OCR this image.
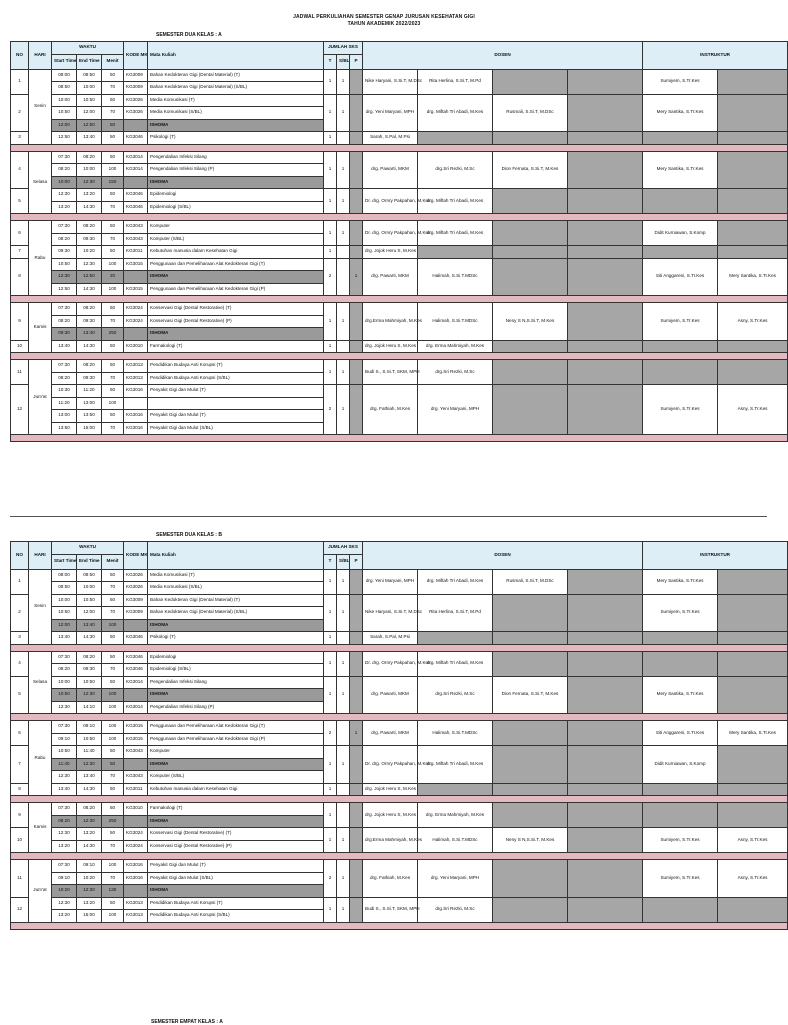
JADWAL PERKULIAHAN SEMESTER GENAP JURUSAN KESEHATAN GIGI
TAHUN AKADEMIK 2022/2023
SEMESTER DUA KELAS : A
NO	HARI	WAKTU			KODE MK	Mata Kuliah	JUMLAH SKS			DOSEN				INSTRUKTUR	
		Start Time	End Time	Menit			T	S/BL	P						
1	Senin	08:00	08:50	50	KG3009	Bahan Kedokteran Gigi (Dental Material) (T)	1	1		Nike Haryani, S.Si.T, M.DSc	Rita Herlina, S.Si.T, M.Pd			Sumiyem, S.Tr.Kes	
		08:50	10:00	70	KG3009	Bahan Kedokteran Gigi (Dental Material) (S/BL)									
2		10:00	10:50	50	KG3026	Media Komunikasi (T)	1	1		drg. Yeni Maryani, MPH	drg. Miftah Tri Abadi, M.Kes	Rusmali, S.Si.T, M.DSc		Mery Santika, S.Tr.Kes	
		10:50	12:00	70	KG3026	Media Komunikasi (S/BL)									
		12:00	12:50	50		ISHOMA									
3		12:50	13:40	50	KG3046	Psikologi (T)	1			Sarah, S.Pal, M.Psi					

4	Selasa	07:30	08:20	50	KG3014	Pengendalian Infeksi Silang	1	1		drg. Pawarti, MKM	drg.Sri Rezki, M.Sc	Dion Fernata, S.Si.T, M.Kes		Mery Santika, S.Tr.Kes	
		08:20	10:00	100	KG3014	Pengendalian Infeksi Silang (P)									
		10:00	12:30	150		ISHOMA									
5		12:30	13:20	50	KG3046	Epidemiologi	1	1		Dr. drg. Ornry Pakpahan, M.Kes	drg. Miftah Tri Abadi, M.Kes				
		13:20	14:30	70	KG3046	Epidemiologi (S/BL)									

6	Rabu	07:30	08:20	50	KG3043	Komputer	1	1		Dr. drg. Ornry Pakpahan, M.Kes	drg. Miftah Tri Abadi, M.Kes			Didit Kurniawan, S.Komp	
		08:20	09:30	70	KG3043	Komputer (S/BL)									
7		09:30	10:20	50	KG3011	Kebutuhan manusia dalam Kesehatan Gigi	1			drg. Jojok Heru S, M.Kes					
8		10:50	12:30	100	KG3015	Penggunaan dan Pemeliharaan Alat Kedokteran Gigi (T)	2		1	drg. Pawarti, MKM	Halimah, S.Si.T.MDSc			Siti Anggareni, S.Tr.Kes	Mery Santika, S.Tr.Kes
		12:30	12:50	20		ISHOMA									
		12:50	14:30	100	KG3015	Penggunaan dan Pemeliharaan Alat Kedokteran Gigi (P)									

9	Kamis	07:30	08:20	50	KG3024	Konservasi Gigi (Dental Restorative) (T)	1	1		drg.Erma Mahmiyah, M.Kes	Halimah, S.Si.T.MDSc	Neny S N,S.Si.T, M.Kes		Sumiyem, S.Tr.Kes	Asny, S.Tr.Kes
		08:20	09:30	70	KG3024	Konservasi Gigi (Dental Restorative) (P)									
		09:30	13:40	250		ISHOMA									
10		13:40	14:30	50	KG3010	Farmakologi (T)	1			drg. Jojok Heru S, M.Kes	drg. Erma Mahmiyah, M.Kes				

11	Jum'at	07:30	08:20	50	KG3013	Pendidikan Budaya Anti Korupsi (T)	1	1		Budi S., S.Si.T, SKM, MPH	drg.Sri Rezki, M.Sc				
		08:20	09:30	70	KG3013	Pendidikan Budaya Anti Korupsi (S/BL)									
12		10:30	11:20	50	KG3016	Penyakit Gigi dan Mulut (T)	2	1		drg. Fathiah, M.Kes	drg. Yeni Maryani, MPH			Sumiyem, S.Tr.Kes	Asny, S.Tr.Kes
		11:20	13:00	100											
		13:00	13:50	50	KG3016	Penyakit Gigi dan Mulut (T)									
		13:50	15:00	70	KG3016	Penyakit Gigi dan Mulut (S/BL)									

SEMESTER DUA KELAS : B
NO	HARI	WAKTU			KODE MK	Mata Kuliah	JUMLAH SKS			DOSEN				INSTRUKTUR	
		Start Time	End Time	Menit			T	S/BL	P						
1	Senin	08:00	08:50	50	KG3026	Media Komunikasi (T)	1	1		drg. Yeni Maryani, MPH	drg. Miftah Tri Abadi, M.Kes	Rusmali, S.Si.T, M.DSc		Mery Santika, S.Tr.Kes	
		08:50	10:00	70	KG3026	Media Komunikasi (S/BL)									
2		10:00	10:50	50	KG3009	Bahan Kedokteran Gigi (Dental Material) (T)	1	1		Nike Haryani, S.Si.T, M.DSc	Rita Herlina, S.Si.T, M.Pd			Sumiyem, S.Tr.Kes	
		10:50	12:00	70	KG3009	Bahan Kedokteran Gigi (Dental Material) (S/BL)									
		12:00	13:40	100		ISHOMA									
3		13:40	14:30	50	KG3046	Psikologi (T)	1			Sarah, S.Pal, M.Psi					

4	Selasa	07:30	08:20	50	KG3046	Epidemiologi	1	1		Dr. drg. Ornry Pakpahan, M.Kes	drg. Miftah Tri Abadi, M.Kes				
		08:20	09:30	70	KG3046	Epidemiologi (S/BL)									
5		10:00	10:50	50	KG3014	Pengendalian Infeksi Silang	1	1		drg. Pawarti, MKM	drg.Sri Rezki, M.Sc	Dion Fernata, S.Si.T, M.Kes		Mery Santika, S.Tr.Kes	
		10:50	12:30	100		ISHOMA									
		12:30	14:10	100	KG3014	Pengendalian Infeksi Silang (P)									

6	Rabu	07:30	09:10	100	KG3015	Penggunaan dan Pemeliharaan Alat Kedokteran Gigi (T)	2		1	drg. Pawarti, MKM	Halimah, S.Si.T.MDSc			Siti Anggareni, S.Tr.Kes	Mery Santika, S.Tr.Kes
		09:10	10:50	100	KG3015	Penggunaan dan Pemeliharaan Alat Kedokteran Gigi (P)									
7		10:50	11:40	50	KG3043	Komputer	1	1		Dr. drg. Ornry Pakpahan, M.Kes	drg. Miftah Tri Abadi, M.Kes			Didit Kurniawan, S.Komp	
		11:40	12:30	50		ISHOMA									
		12:30	13:40	70	KG3043	Komputer (S/BL)									
8		13:40	14:30	50	KG3011	Kebutuhan manusia dalam Kesehatan Gigi	1			drg. Jojok Heru S, M.Kes					

9	Kamis	07:30	08:20	50	KG3010	Farmakologi (T)	1			drg. Jojok Heru S, M.Kes	drg. Erma Mahmiyah, M.Kes				
		08:20	12:30	250		ISHOMA									
10		12:30	13:20	50	KG3024	Konservasi Gigi (Dental Restorative) (T)	1	1		drg.Erma Mahmiyah, M.Kes	Halimah, S.Si.T.MDSc	Neny S N,S.Si.T, M.Kes		Sumiyem, S.Tr.Kes	Asny, S.Tr.Kes
		13:20	14:30	70	KG3024	Konservasi Gigi (Dental Restorative) (P)									

11	Jum'at	07:30	09:10	100	KG3016	Penyakit Gigi dan Mulut (T)	2	1		drg. Fathiah, M.Kes	drg. Yeni Maryani, MPH			Sumiyem, S.Tr.Kes	Asny, S.Tr.Kes
		09:10	10:20	70	KG3016	Penyakit Gigi dan Mulut (S/BL)									
		10:20	12:30	130		ISHOMA									
12		12:30	13:20	50	KG3013	Pendidikan Budaya Anti Korupsi (T)	1	1		Budi S., S.Si.T, SKM, MPH	drg.Sri Rezki, M.Sc				
		13:20	15:00	100	KG3013	Pendidikan Budaya Anti Korupsi (S/BL)									

SEMESTER EMPAT KELAS : A
